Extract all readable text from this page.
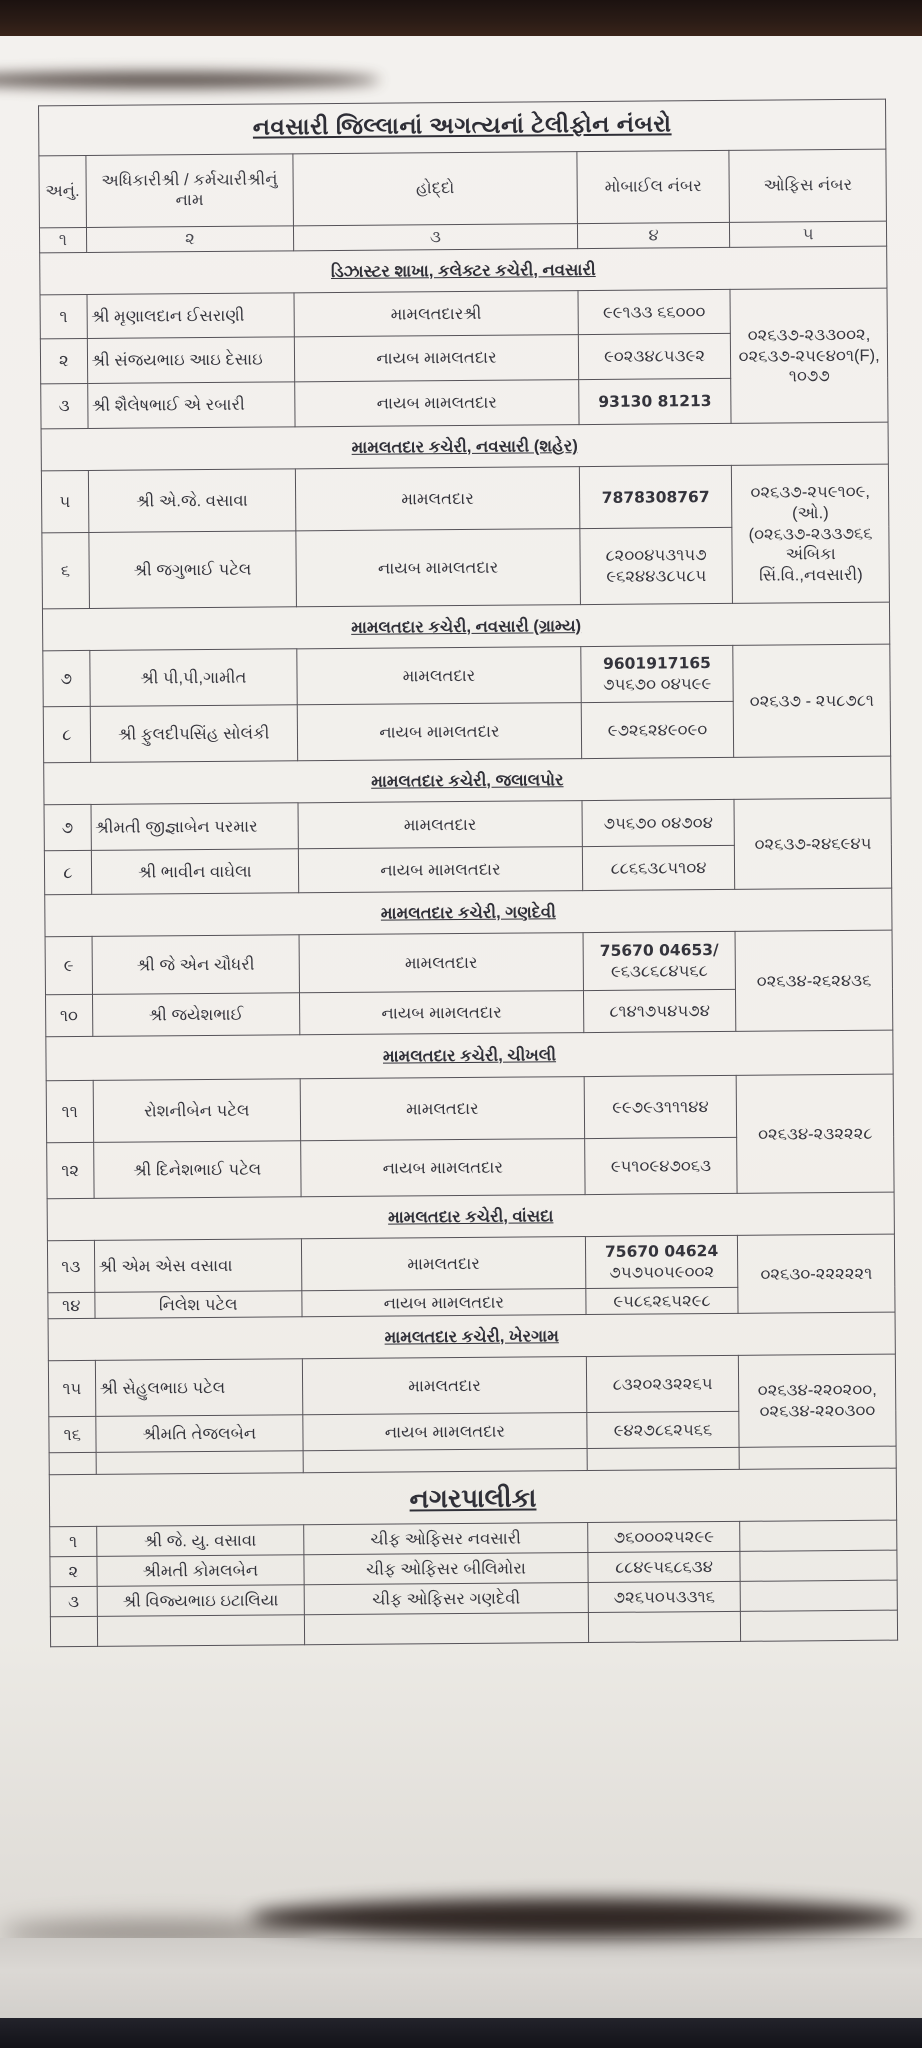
નવસારી જિલ્લાનાં અગત્યનાં ટેલીફોન નંબરો				

અનું.	અધિકારીશ્રી / કર્મચારીશ્રીનું નામ	હોદ્દો	મોબાઈલ નંબર	ઓફિસ નંબર
૧	૨	૩	૪	૫
ડિઝાસ્ટર શાખા, કલેક્ટર કચેરી, નવસારી				
૧	શ્રી મૃણાલદાન ઈસરાણી	મામલતદારશ્રી	૯૯૧૩૩ ૬૬૦૦૦	૦૨૬૩૭-૨૩૩૦૦૨,
૦૨૬૩૭-૨૫૯૪૦૧(F),
૧૦૭૭
૨	શ્રી સંજયભાઇ આઇ દેસાઇ	નાયબ મામલતદાર	૯૦૨૩૪૮૫૩૯૨	
૩	શ્રી શૈલેષભાઈ એ રબારી	નાયબ મામલતદાર	93130 81213	
મામલતદાર કચેરી, નવસારી (શહેર)				
૫	શ્રી એ.જે. વસાવા	મામલતદાર	7878308767	૦૨૬૩૭-૨૫૯૧૦૯, (ઓ.)
(૦૨૬૩૭-૨૩૩૭૬૬
અંબિકા સિં.વિ.,નવસારી)
૬	શ્રી જગુભાઈ પટેલ	નાયબ મામલતદાર	૮૨૦૦૪૫૩૧૫૭
૯૬૨૪૪૩૮૫૮૫	
મામલતદાર કચેરી, નવસારી (ગ્રામ્ય)				
૭	શ્રી પી,પી,ગામીત	મામલતદાર	9601917165
૭૫૬૭૦ ૦૪૫૯૯	૦૨૬૩૭ - ૨૫૮૭૮૧
૮	શ્રી ફુલદીપસિંહ સોલંકી	નાયબ મામલતદાર	૯૭૨૬૨૪૯૦૯૦	
મામલતદાર કચેરી, જલાલપોર				
૭	શ્રીમતી જીજ્ઞાબેન પરમાર	મામલતદાર	૭૫૬૭૦ ૦૪૭૦૪	૦૨૬૩૭-૨૪૬૯૪૫
૮	શ્રી ભાવીન વાઘેલા	નાયબ મામલતદાર	૮૮૬૬૩૮૫૧૦૪	
મામલતદાર કચેરી, ગણદેવી				
૯	શ્રી જે એન ચૌધરી	મામલતદાર	75670 04653/
૯૬૩૮૬૮૪૫૬૮	૦૨૬૩૪-૨૬૨૪૩૬
૧૦	શ્રી જયેશભાઈ	નાયબ મામલતદાર	૮૧૪૧૭૫૪૫૭૪	
મામલતદાર કચેરી, ચીખલી				
૧૧	રોશનીબેન પટેલ	મામલતદાર	૯૯૭૯૩૧૧૧૪૪	૦૨૬૩૪-૨૩૨૨૨૮
૧૨	શ્રી દિનેશભાઈ પટેલ	નાયબ મામલતદાર	૯૫૧૦૯૪૭૦૬૩	
મામલતદાર કચેરી, વાંસદા				
૧૩	શ્રી એમ એસ વસાવા	મામલતદાર	75670 04624
૭૫૭૫૦૫૯૦૦૨	૦૨૬૩૦-૨૨૨૨૨૧
૧૪	નિલેશ પટેલ	નાયબ મામલતદાર	૯૫૮૬૨૬૫૨૯૮	
મામલતદાર કચેરી, ખેરગામ				
૧૫	શ્રી સેહુલભાઇ પટેલ	મામલતદાર	૮૩૨૦૨૩૨૨૬૫	૦૨૬૩૪-૨૨૦૨૦૦,
૦૨૬૩૪-૨૨૦૩૦૦
૧૬	શ્રીમતિ તેજલબેન	નાયબ મામલતદાર	૯૪૨૭૮૬૨૫૬૬	

નગરપાલીકા				
૧	શ્રી જે. યુ. વસાવા	ચીફ ઓફિસર નવસારી	૭૬૦૦૦૨૫૨૯૯	
૨	શ્રીમતી કોમલબેન	ચીફ ઓફિસર બીલિમોરા	૮૮૪૯૫૬૮૬૩૪	
૩	શ્રી વિજ્યભાઇ ઇટાલિયા	ચીફ ઓફિસર ગણદેવી	૭૨૬૫૦૫૩૩૧૬	
